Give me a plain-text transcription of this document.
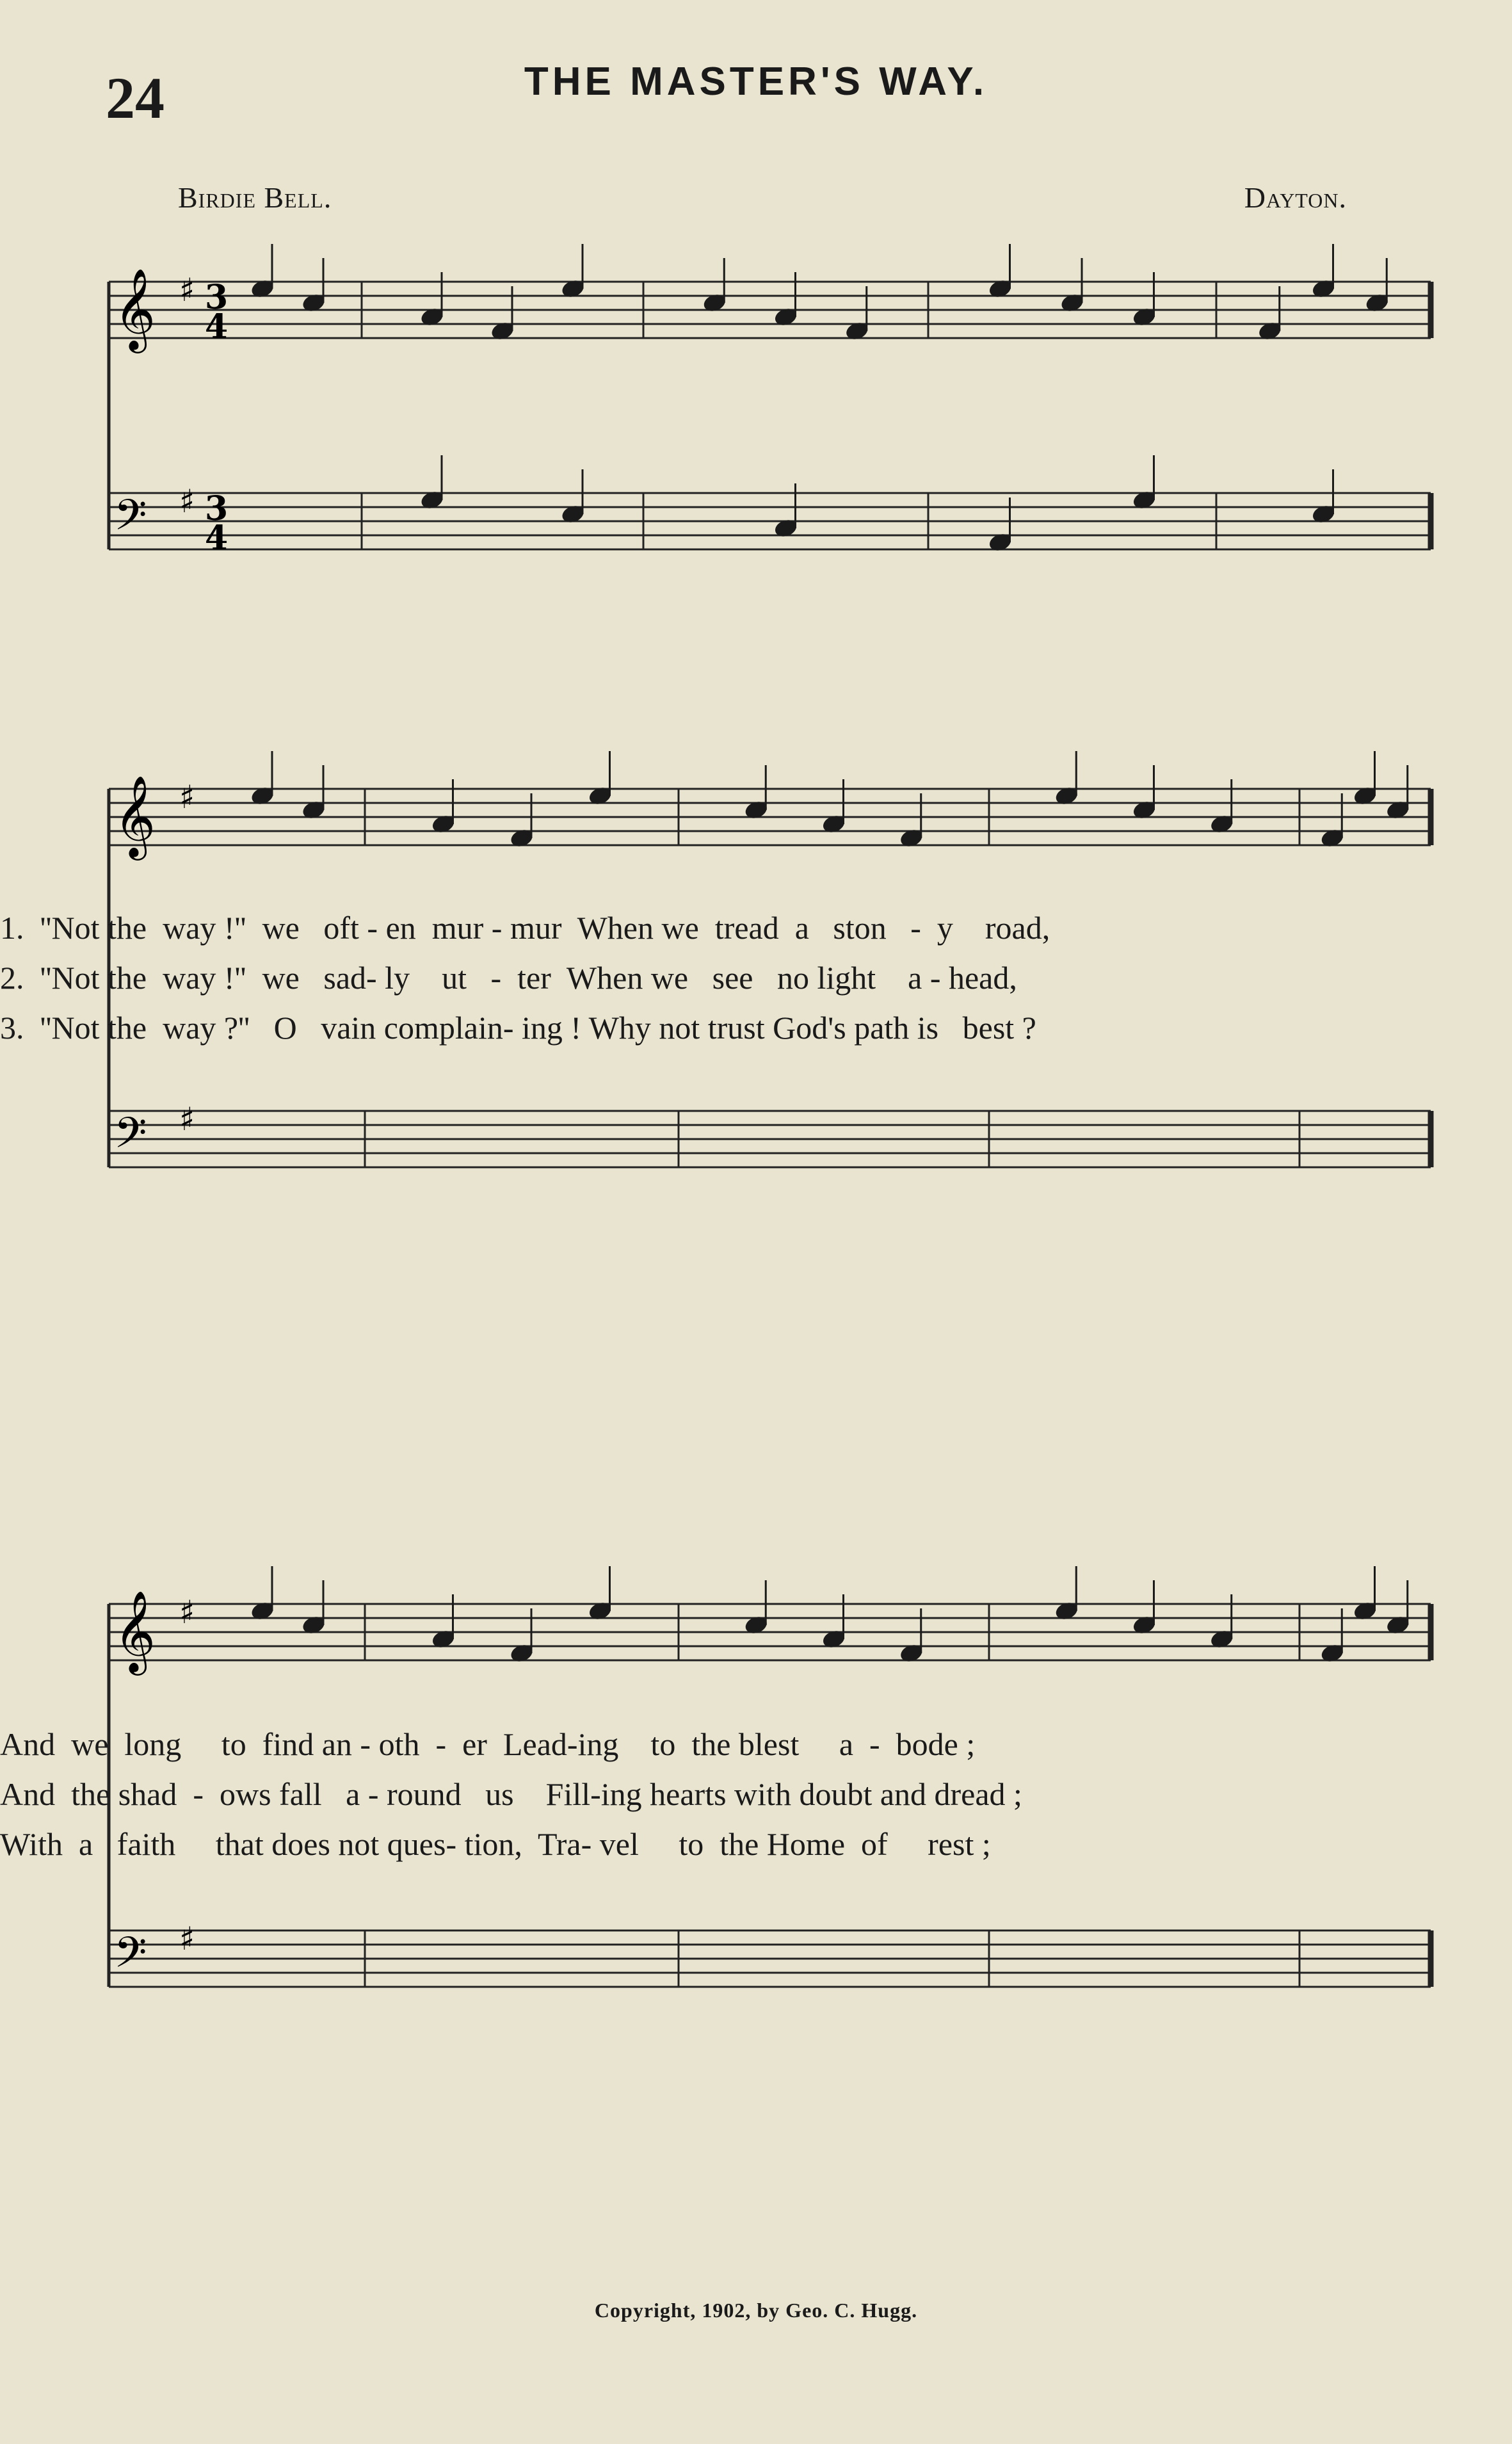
24	THE MASTER'S WAY.
Birdie Bell.	Dayton.
𝄞
𝄢
♯
♯
3
4
3
4
𝄞
𝄢
♯
♯
𝄞
𝄢
♯
♯
1.  ''Not the  way !''  we   oft - en  mur - mur  When we  tread  a   ston   -  y    road,
2.  ''Not the  way !''  we   sad- ly    ut   -  ter  When we   see   no light    a - head,
3.  ''Not the  way ?''   O   vain complain- ing ! Why not trust God's path is   best ?
And  we  long     to  find an - oth  -  er  Lead-ing    to  the blest     a  -  bode ;
And  the shad  -  ows fall   a - round   us    Fill-ing hearts with doubt and dread ;
With  a   faith     that does not ques- tion,  Tra- vel     to  the Home  of     rest ;
Copyright, 1902, by Geo. C. Hugg.
